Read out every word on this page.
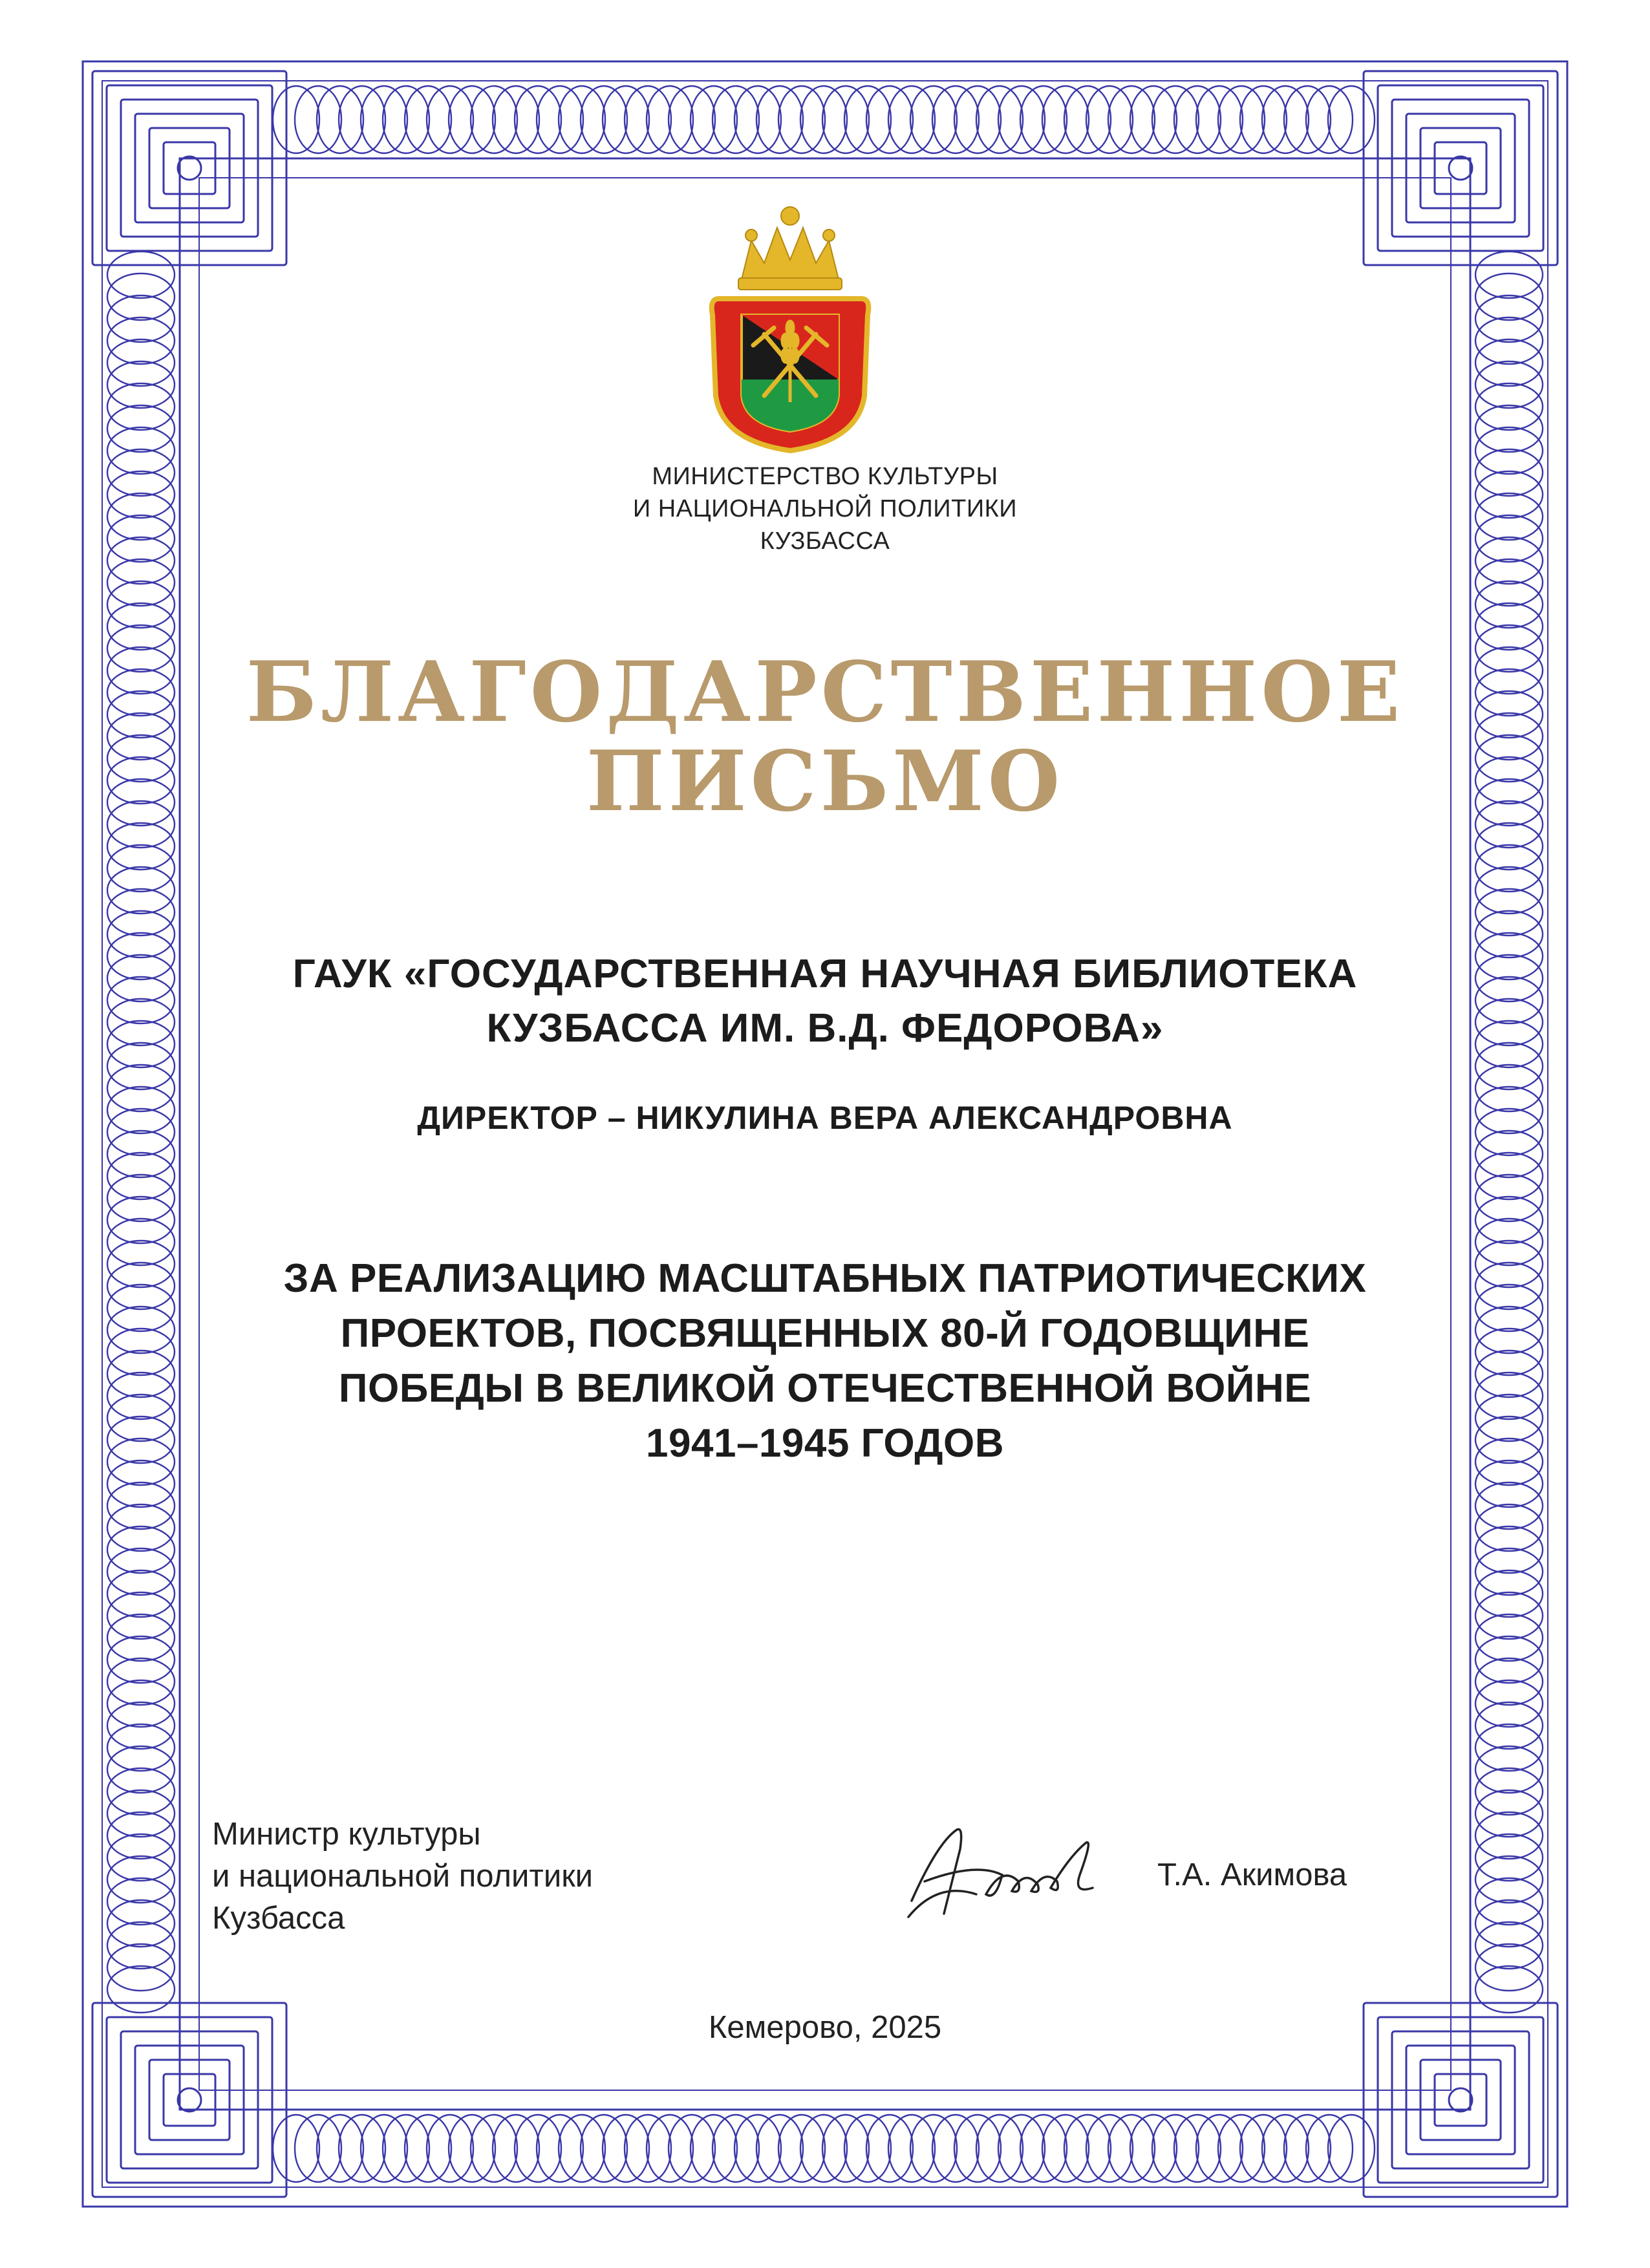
МИНИСТЕРСТВО КУЛЬТУРЫ
И НАЦИОНАЛЬНОЙ ПОЛИТИКИ
КУЗБАССА
БЛАГОДАРСТВЕННОЕ
ПИСЬМО
ГАУК «ГОСУДАРСТВЕННАЯ НАУЧНАЯ БИБЛИОТЕКА
КУЗБАССА ИМ. В.Д. ФЕДОРОВА»
ДИРЕКТОР – НИКУЛИНА ВЕРА АЛЕКСАНДРОВНА
ЗА РЕАЛИЗАЦИЮ МАСШТАБНЫХ ПАТРИОТИЧЕСКИХ
ПРОЕКТОВ, ПОСВЯЩЕННЫХ 80-Й ГОДОВЩИНЕ
ПОБЕДЫ В ВЕЛИКОЙ ОТЕЧЕСТВЕННОЙ ВОЙНЕ
1941–1945 ГОДОВ
Министр культуры
и национальной политики
Кузбасса
Т.А. Акимова
Кемерово, 2025
